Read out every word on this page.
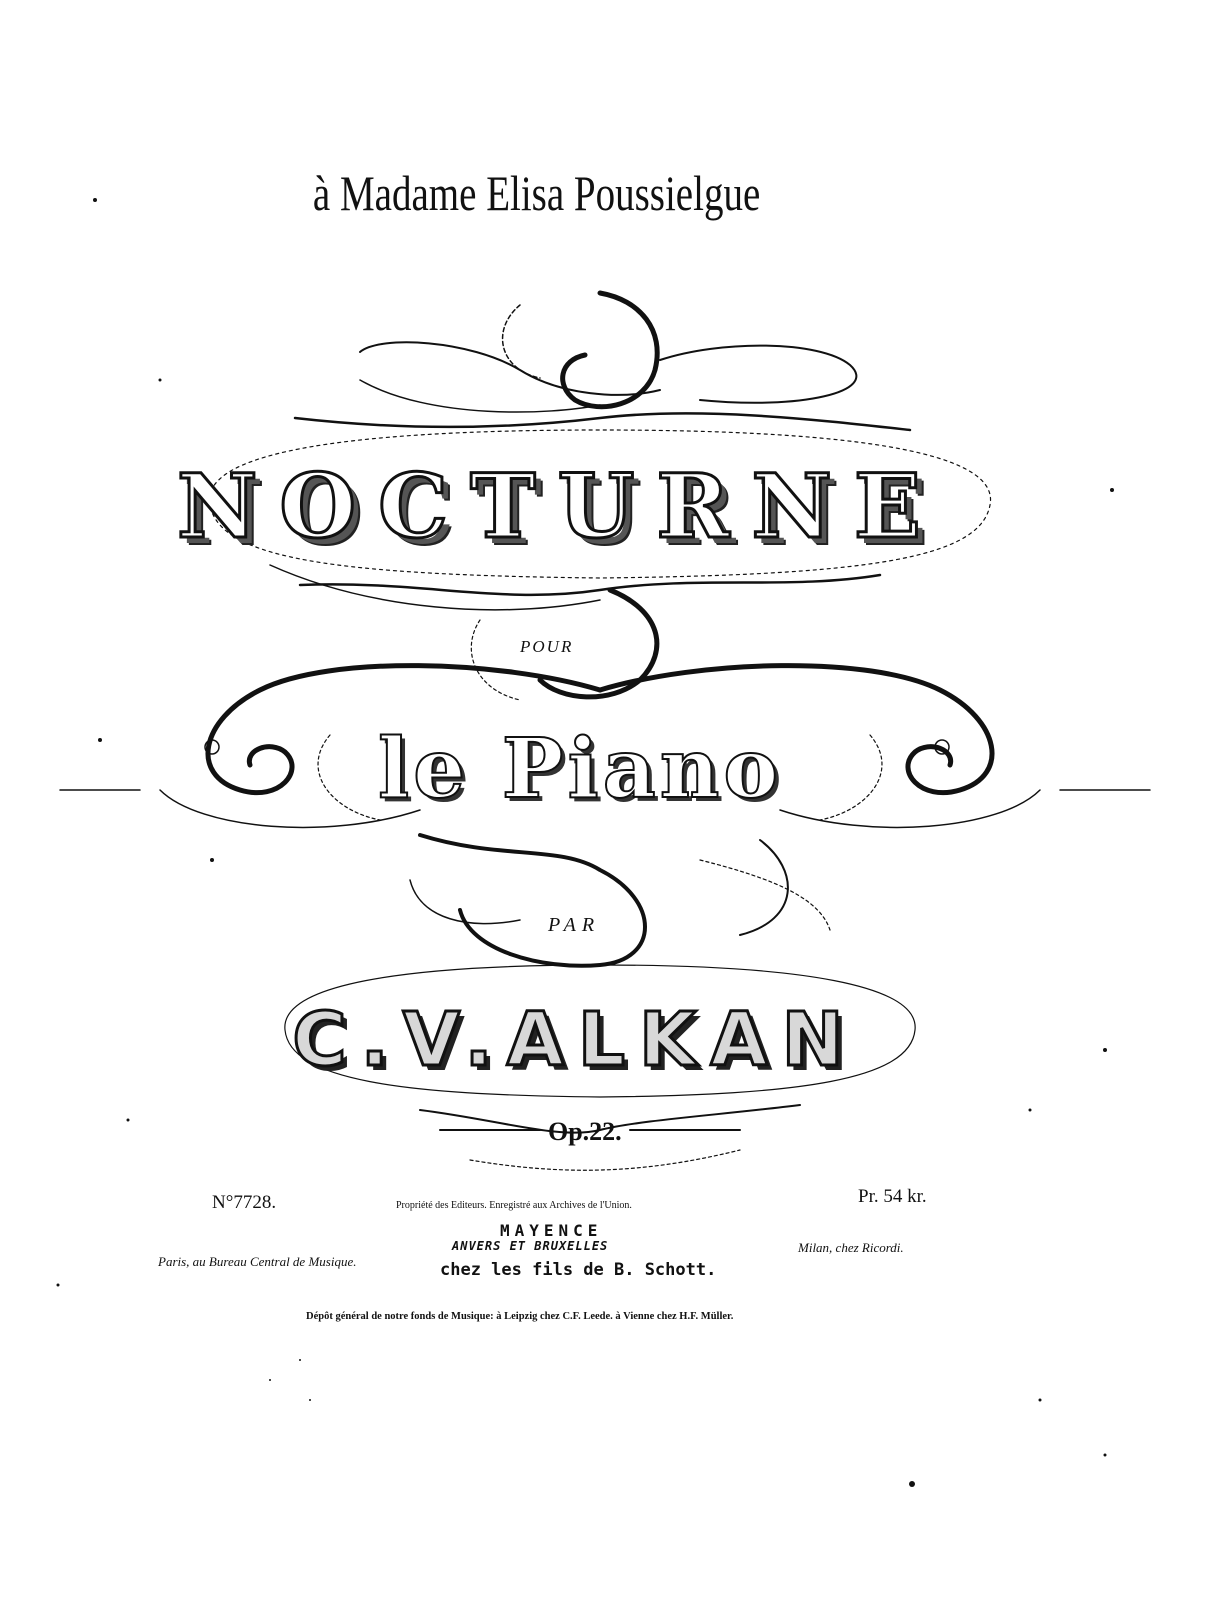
à Madame Elisa Poussielgue
NOCTURNE
POUR
le Piano
PAR
C.V.ALKAN
Op.22.
N°7728.	Propriété des Editeurs. Enregistré aux Archives de l'Union.	Pr. 54 kr.
MAYENCE
ANVERS ET BRUXELLES
chez les fils de B. Schott.
Paris, au Bureau Central de Musique.
Milan, chez Ricordi.
Dépôt général de notre fonds de Musique: à Leipzig chez C.F. Leede. à Vienne chez H.F. Müller.
